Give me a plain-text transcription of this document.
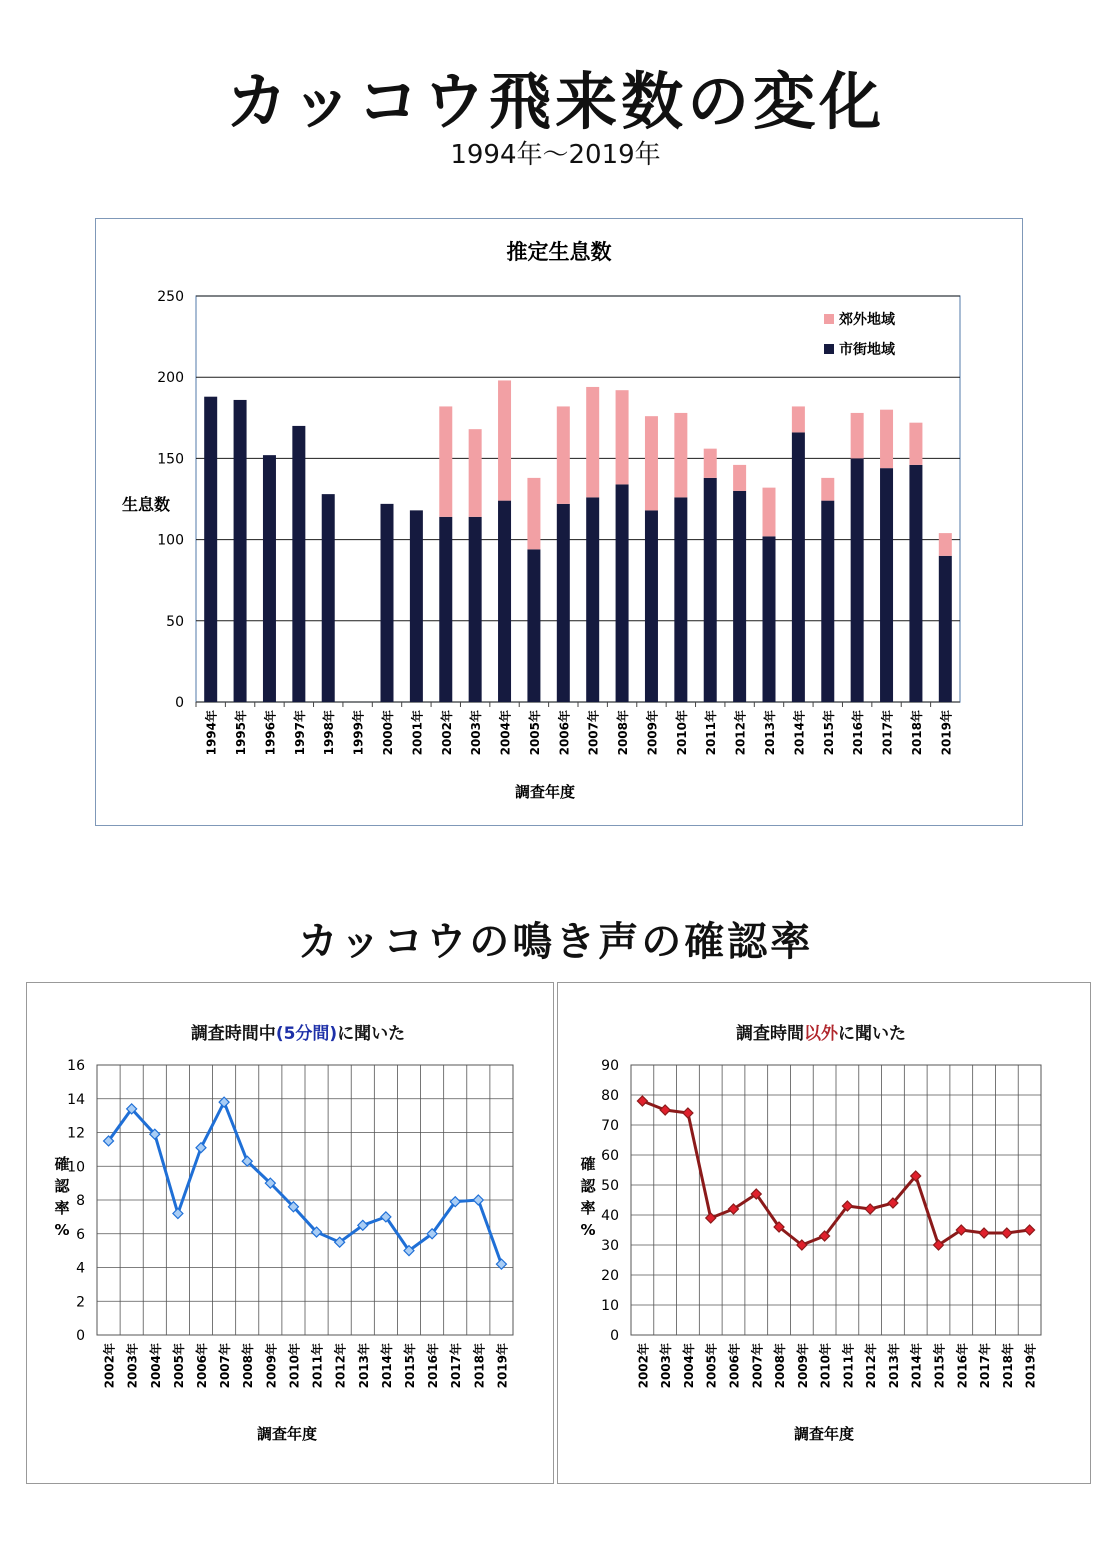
カッコウ飛来数の変化
1994年～2019年
推定生息数
0
50
100
150
200
250
生息数
調査年度
1994年 1995年 1996年 1997年 1998年 1999年 2000年 2001年 2002年 2003年 2004年 2005年 2006年 2007年 2008年 2009年 2010年 2011年 2012年 2013年 2014年 2015年 2016年 2017年 2018年 2019年
郊外地域
市街地域
カッコウの鳴き声の確認率
調査時間中(5分間)に聞いた
0
2
4
6
8
10
12
14
16
確
認
率
%
調査年度
2002年 2003年 2004年 2005年 2006年 2007年 2008年 2009年 2010年 2011年 2012年 2013年 2014年 2015年 2016年 2017年 2018年 2019年
調査時間以外に聞いた
0
10
20
30
40
50
60
70
80
90
確
認
率
%
調査年度
2002年 2003年 2004年 2005年 2006年 2007年 2008年 2009年 2010年 2011年 2012年 2013年 2014年 2015年 2016年 2017年 2018年 2019年
